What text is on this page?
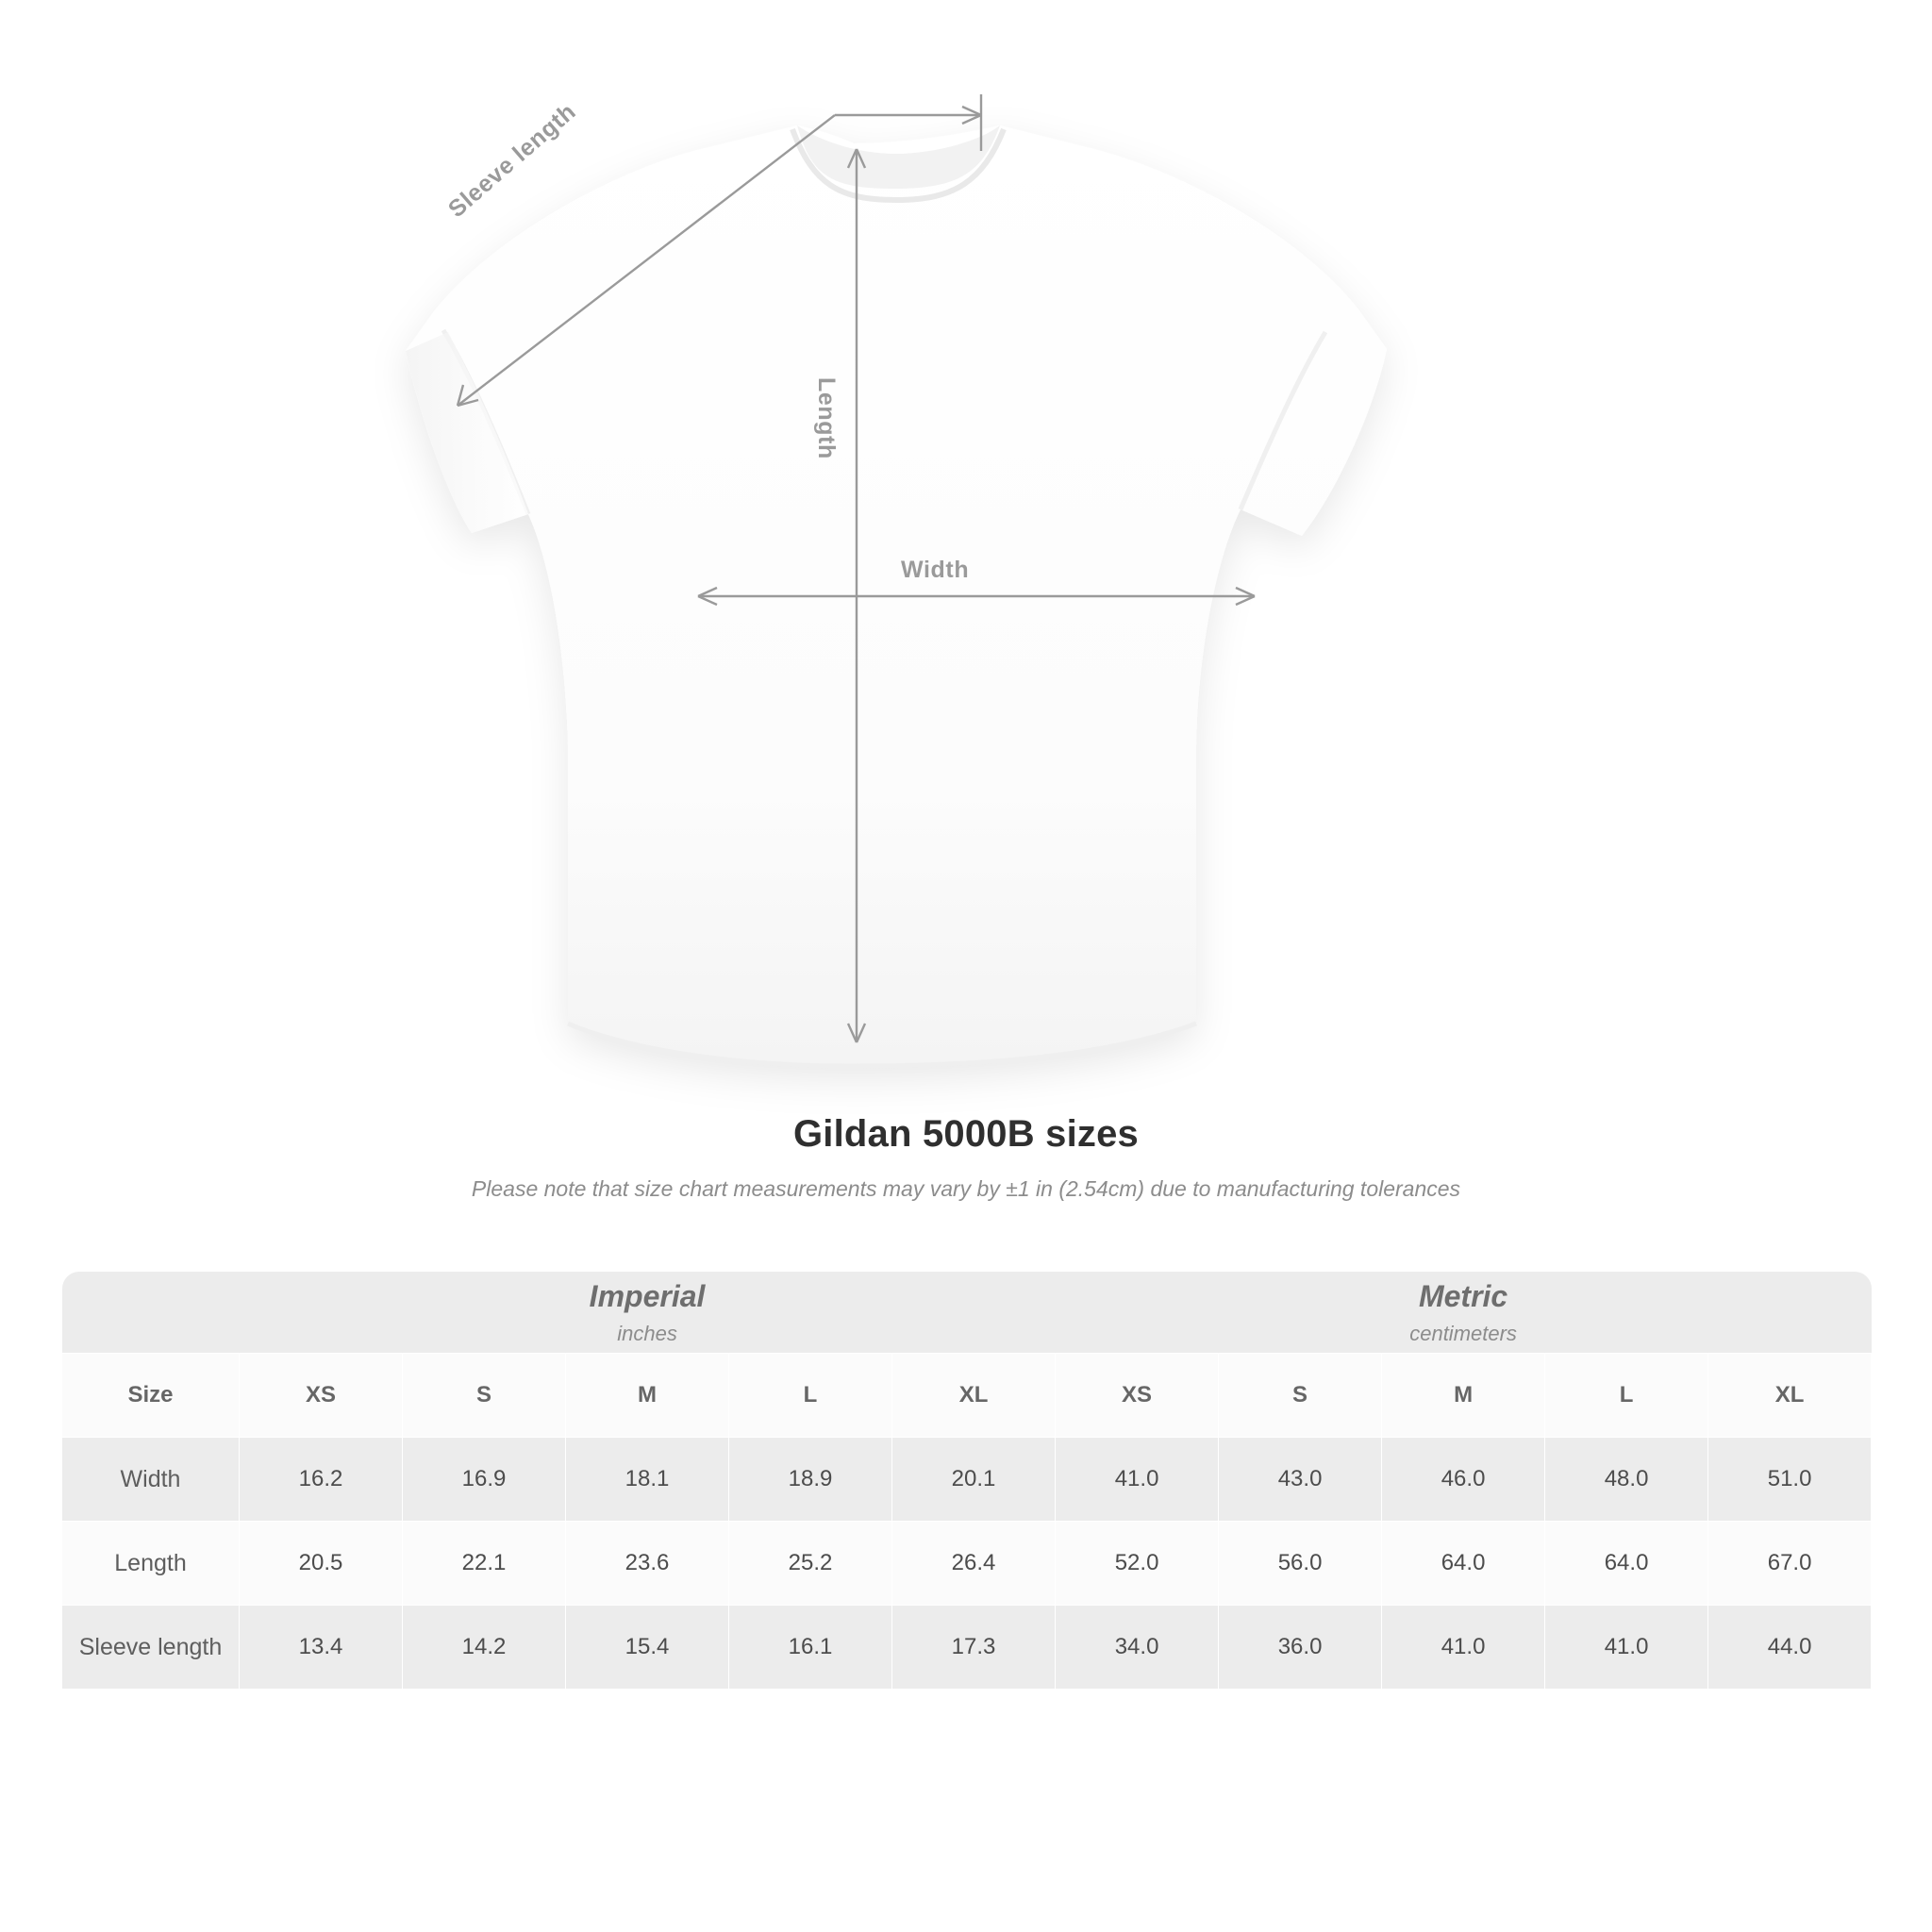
Width
Length
Sleeve length
Gildan 5000B sizes
Please note that size chart measurements may vary by ±1 in (2.54cm) due to manufacturing tolerances

Imperial
inches

Metric
centimeters

Size	XS	S	M	L	XL	XS	S	M	L	XL
Width	16.2	16.9	18.1	18.9	20.1	41.0	43.0	46.0	48.0	51.0
Length	20.5	22.1	23.6	25.2	26.4	52.0	56.0	64.0	64.0	67.0
Sleeve length	13.4	14.2	15.4	16.1	17.3	34.0	36.0	41.0	41.0	44.0
